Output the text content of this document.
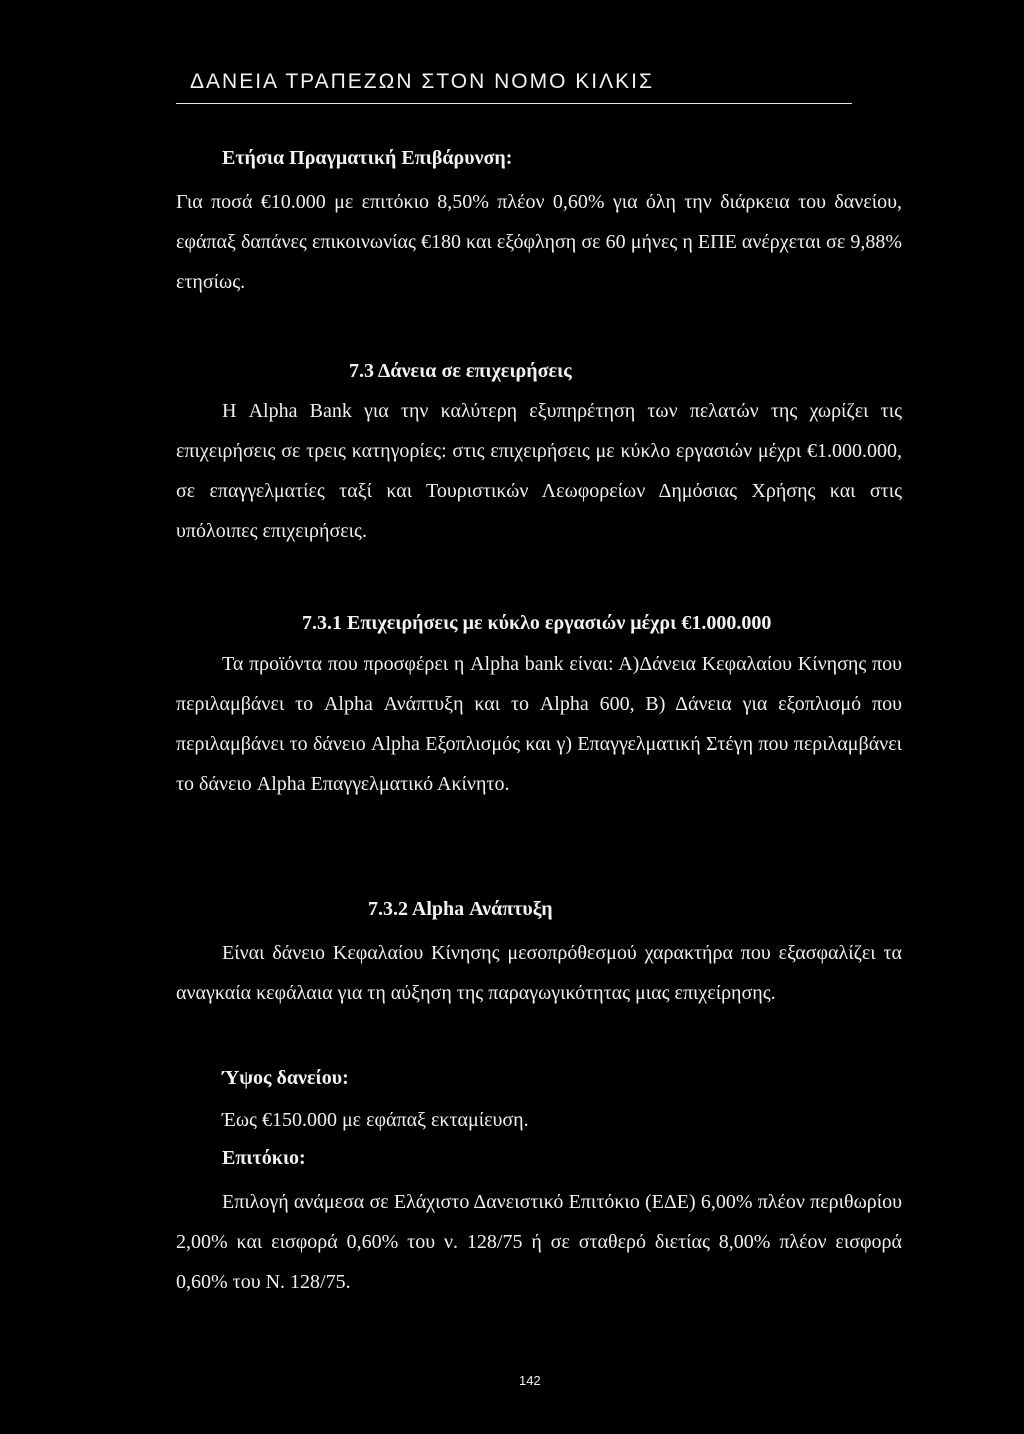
ΔΑΝΕΙΑ ΤΡΑΠΕΖΩΝ ΣΤΟΝ ΝΟΜΟ ΚΙΛΚΙΣ
Ετήσια Πραγματική Επιβάρυνση:
Για ποσά €10.000 με επιτόκιο 8,50% πλέον 0,60% για όλη την διάρκεια του δανείου, εφάπαξ δαπάνες επικοινωνίας €180 και εξόφληση σε 60 μήνες η ΕΠΕ ανέρχεται σε 9,88% ετησίως.
7.3 Δάνεια σε επιχειρήσεις
Η Alpha Bank για την καλύτερη εξυπηρέτηση των πελατών της χωρίζει τις επιχειρήσεις σε τρεις κατηγορίες: στις επιχειρήσεις με κύκλο εργασιών μέχρι €1.000.000, σε επαγγελματίες ταξί και Τουριστικών Λεωφορείων Δημόσιας Χρήσης και στις υπόλοιπες επιχειρήσεις.
7.3.1 Επιχειρήσεις με κύκλο εργασιών μέχρι €1.000.000
Τα προϊόντα που προσφέρει η Alpha bank είναι: Α)Δάνεια Κεφαλαίου Κίνησης που περιλαμβάνει το Alpha Ανάπτυξη και το Alpha 600, Β) Δάνεια για εξοπλισμό που περιλαμβάνει το δάνειο Alpha Εξοπλισμός και γ) Επαγγελματική Στέγη που περιλαμβάνει το δάνειο Alpha Επαγγελματικό Ακίνητο.
7.3.2 Alpha Ανάπτυξη
Είναι δάνειο Κεφαλαίου Κίνησης μεσοπρόθεσμού χαρακτήρα που εξασφαλίζει τα αναγκαία κεφάλαια για τη αύξηση της παραγωγικότητας μιας επιχείρησης.
Ύψος δανείου:
Έως €150.000 με εφάπαξ εκταμίευση.
Επιτόκιο:
Επιλογή ανάμεσα σε Ελάχιστο Δανειστικό Επιτόκιο (ΕΔΕ) 6,00% πλέον περιθωρίου 2,00% και εισφορά 0,60% του ν. 128/75 ή σε σταθερό διετίας 8,00% πλέον εισφορά 0,60% του Ν. 128/75.
142
